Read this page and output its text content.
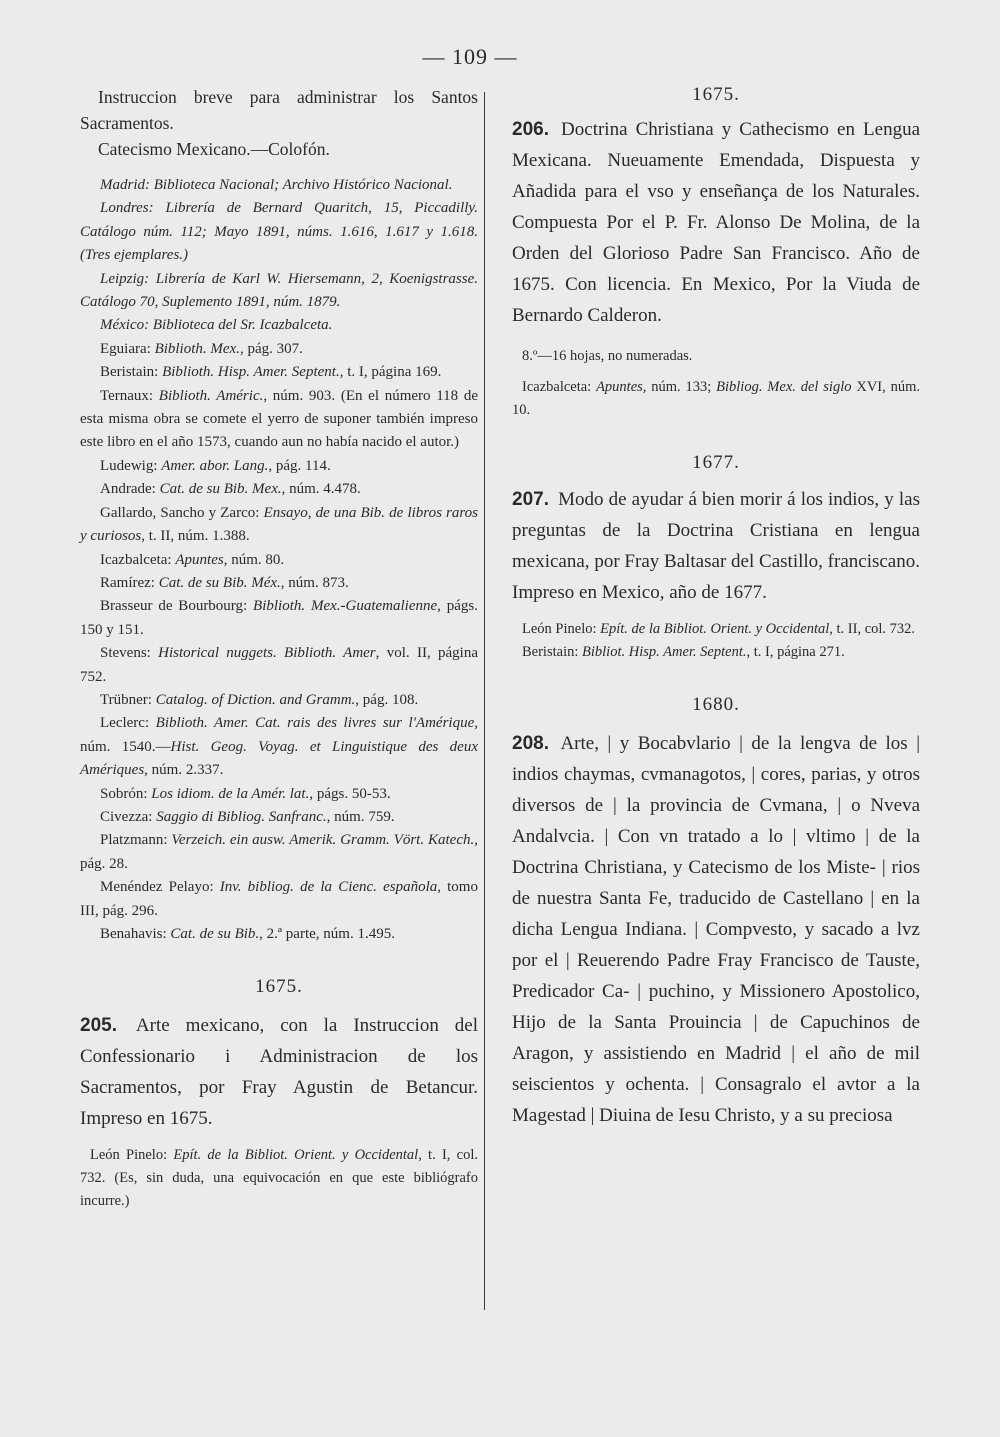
— 109 —

Instruccion breve para administrar los Santos Sacramentos.

Catecismo Mexicano.—Colofón.

Madrid: Biblioteca Nacional; Archivo Histórico Nacional.

Londres: Librería de Bernard Quaritch, 15, Piccadilly. Catálogo núm. 112; Mayo 1891, núms. 1.616, 1.617 y 1.618. (Tres ejemplares.)

Leipzig: Librería de Karl W. Hiersemann, 2, Koenigstrasse. Catálogo 70, Suplemento 1891, núm. 1879.

México: Biblioteca del Sr. Icazbalceta.

Eguiara: Biblioth. Mex., pág. 307.

Beristain: Biblioth. Hisp. Amer. Septent., t. I, página 169.

Ternaux: Biblioth. Améric., núm. 903. (En el número 118 de esta misma obra se comete el yerro de suponer también impreso este libro en el año 1573, cuando aun no había nacido el autor.)

Ludewig: Amer. abor. Lang., pág. 114.

Andrade: Cat. de su Bib. Mex., núm. 4.478.

Gallardo, Sancho y Zarco: Ensayo, de una Bib. de libros raros y curiosos, t. II, núm. 1.388.

Icazbalceta: Apuntes, núm. 80.

Ramírez: Cat. de su Bib. Méx., núm. 873.

Brasseur de Bourbourg: Biblioth. Mex.-Guatemalienne, págs. 150 y 151.

Stevens: Historical nuggets. Biblioth. Amer, vol. II, página 752.

Trübner: Catalog. of Diction. and Gramm., pág. 108.

Leclerc: Biblioth. Amer. Cat. rais des livres sur l'Amérique, núm. 1540.—Hist. Geog. Voyag. et Linguistique des deux Amériques, núm. 2.337.

Sobrón: Los idiom. de la Amér. lat., págs. 50-53.

Civezza: Saggio di Bibliog. Sanfranc., núm. 759.

Platzmann: Verzeich. ein ausw. Amerik. Gramm. Vört. Katech., pág. 28.

Menéndez Pelayo: Inv. bibliog. de la Cienc. española, tomo III, pág. 296.

Benahavis: Cat. de su Bib., 2.ª parte, núm. 1.495.

1675.

205. Arte mexicano, con la Instruccion del Confessionario i Administracion de los Sacramentos, por Fray Agustin de Betancur. Impreso en 1675.

León Pinelo: Epít. de la Bibliot. Orient. y Occidental, t. I, col. 732. (Es, sin duda, una equivocación en que este bibliógrafo incurre.)

1675.

206. Doctrina Christiana y Cathecismo en Lengua Mexicana. Nueuamente Emendada, Dispuesta y Añadida para el vso y enseñança de los Naturales. Compuesta Por el P. Fr. Alonso De Molina, de la Orden del Glorioso Padre San Francisco. Año de 1675. Con licencia. En Mexico, Por la Viuda de Bernardo Calderon.

8.º—16 hojas, no numeradas.

Icazbalceta: Apuntes, núm. 133; Bibliog. Mex. del siglo XVI, núm. 10.

1677.

207. Modo de ayudar á bien morir á los indios, y las preguntas de la Doctrina Cristiana en lengua mexicana, por Fray Baltasar del Castillo, franciscano. Impreso en Mexico, año de 1677.

León Pinelo: Epít. de la Bibliot. Orient. y Occidental, t. II, col. 732.

Beristain: Bibliot. Hisp. Amer. Septent., t. I, página 271.

1680.

208. Arte, | y Bocabvlario | de la lengva de los | indios chaymas, cvmanagotos, | cores, parias, y otros diversos de | la provincia de Cvmana, | o Nveva Andalvcia. | Con vn tratado a lo | vltimo | de la Doctrina Christiana, y Catecismo de los Miste- | rios de nuestra Santa Fe, traducido de Castellano | en la dicha Lengua Indiana. | Compvesto, y sacado a lvz por el | Reuerendo Padre Fray Francisco de Tauste, Predicador Ca- | puchino, y Missionero Apostolico, Hijo de la Santa Prouincia | de Capuchinos de Aragon, y assistiendo en Madrid | el año de mil seiscientos y ochenta. | Consagralo el avtor a la Magestad | Diuina de Iesu Christo, y a su preciosa
